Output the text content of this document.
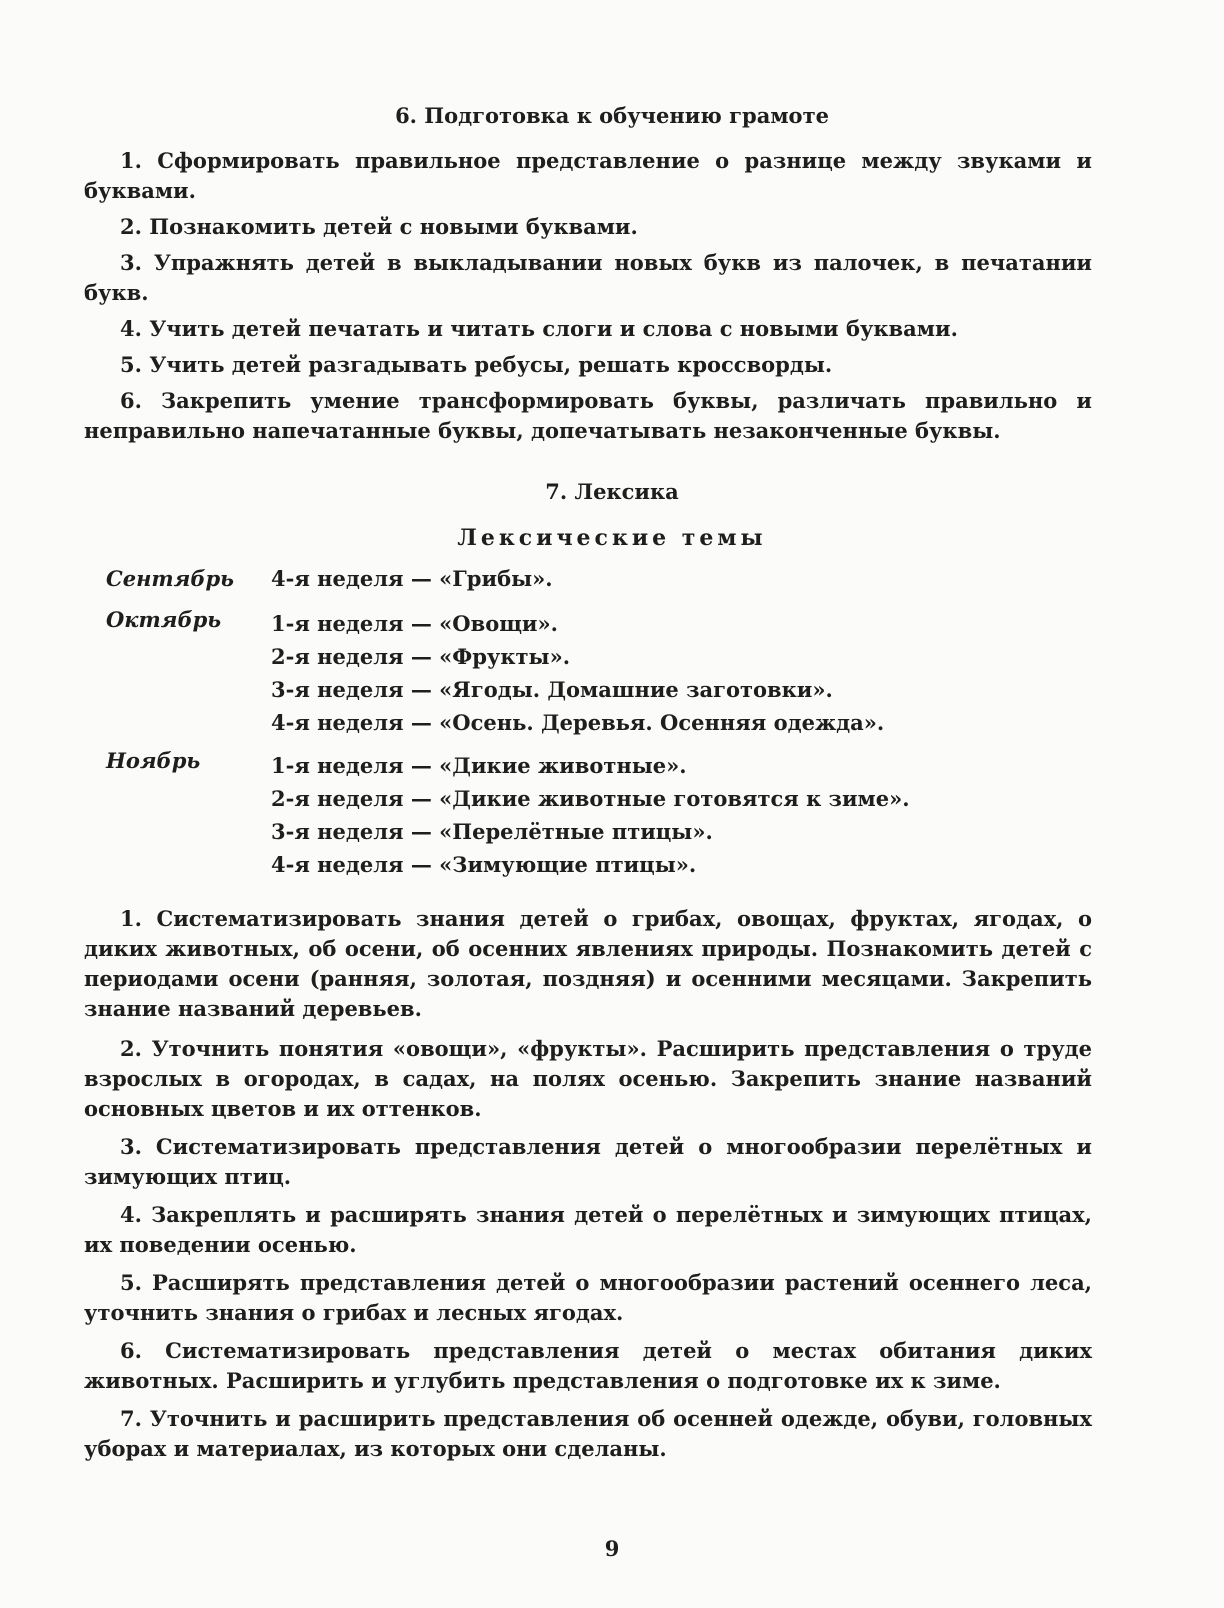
6. Подготовка к обучению грамоте

1. Сформировать правильное представление о разнице между звуками и буквами.

2. Познакомить детей с новыми буквами.

3. Упражнять детей в выкладывании новых букв из палочек, в печатании букв.

4. Учить детей печатать и читать слоги и слова с новыми буквами.

5. Учить детей разгадывать ребусы, решать кроссворды.

6. Закрепить умение трансформировать буквы, различать правильно и неправильно напечатанные буквы, допечатывать незаконченные буквы.

7. Лексика
Лексические темы
Сентябрь 4-я неделя — «Грибы».
Октябрь 1-я неделя — «Овощи».
2-я неделя — «Фрукты».
3-я неделя — «Ягоды. Домашние заготовки».
4-я неделя — «Осень. Деревья. Осенняя одежда».
Ноябрь	1-я неделя — «Дикие животные».
2-я неделя — «Дикие животные готовятся к зиме».
3-я неделя — «Перелётные птицы».
4-я неделя — «Зимующие птицы».

1. Систематизировать знания детей о грибах, овощах, фруктах, ягодах, о диких животных, об осени, об осенних явлениях природы. Познакомить детей с периодами осени (ранняя, золотая, поздняя) и осенними месяцами. Закрепить знание названий деревьев.

2. Уточнить понятия «овощи», «фрукты». Расширить представления о труде взрослых в огородах, в садах, на полях осенью. Закрепить знание названий основных цветов и их оттенков.

3. Систематизировать представления детей о многообразии перелётных и зимующих птиц.

4. Закреплять и расширять знания детей о перелётных и зимующих птицах, их поведении осенью.

5. Расширять представления детей о многообразии растений осеннего леса, уточнить знания о грибах и лесных ягодах.

6. Систематизировать представления детей о местах обитания диких животных. Расширить и углубить представления о подготовке их к зиме.

7. Уточнить и расширить представления об осенней одежде, обуви, головных уборах и материалах, из которых они сделаны.

9
